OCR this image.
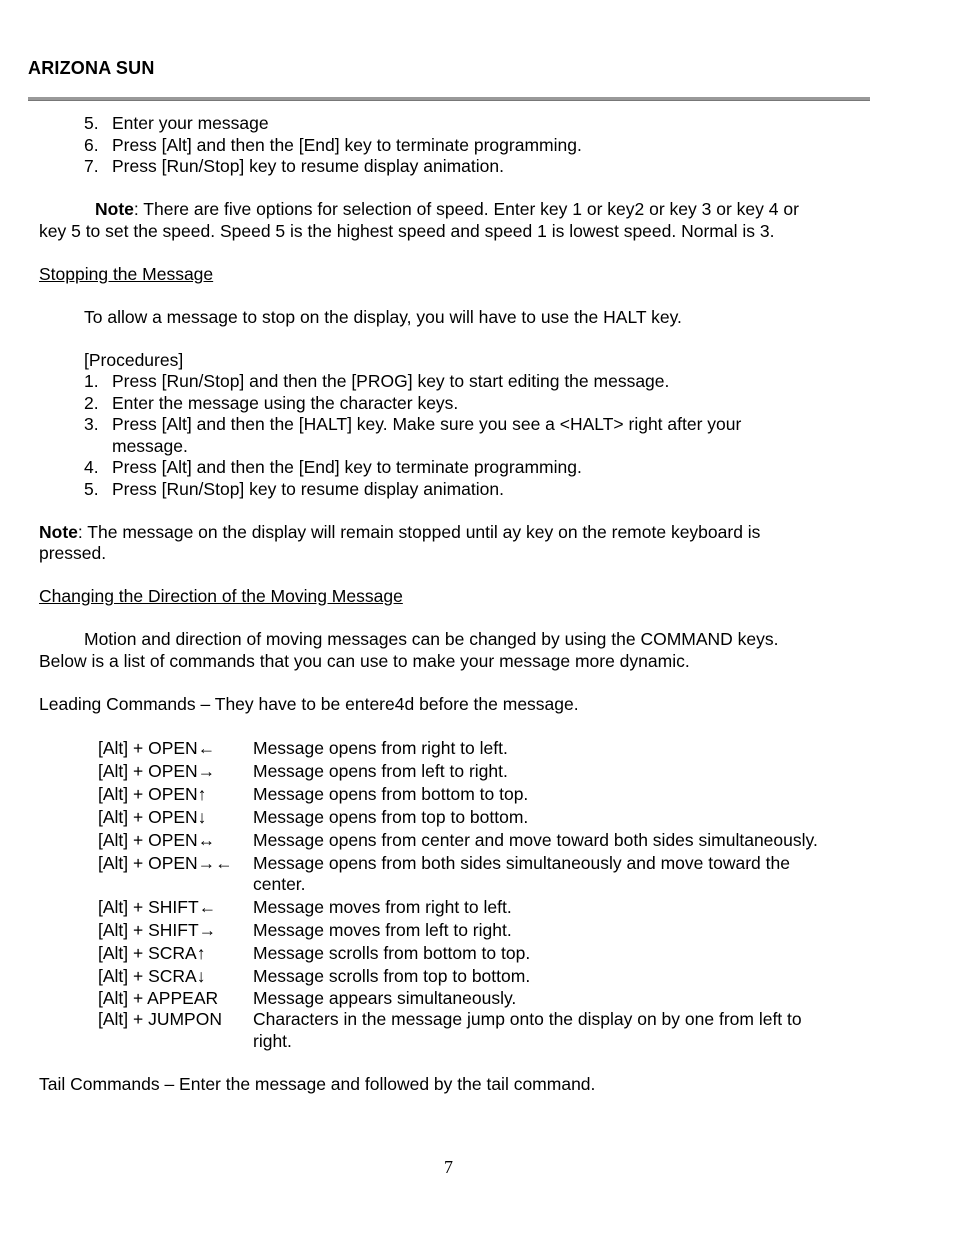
ARIZONA SUN
5. Enter your message
6. Press [Alt] and then the [End] key to terminate programming.
7. Press [Run/Stop] key to resume display animation.
Note: There are five options for selection of speed. Enter key 1 or key2 or key 3 or key 4 or
key 5 to set the speed. Speed 5 is the highest speed and speed 1 is lowest speed. Normal is 3.
Stopping the Message
To allow a message to stop on the display, you will have to use the HALT key.
[Procedures]
1. Press [Run/Stop] and then the [PROG] key to start editing the message.
2. Enter the message using the character keys.
3. Press [Alt] and then the [HALT] key. Make sure you see a <HALT> right after your
message.
4. Press [Alt] and then the [End] key to terminate programming.
5. Press [Run/Stop] key to resume display animation.
Note: The message on the display will remain stopped until ay key on the remote keyboard is
pressed.
Changing the Direction of the Moving Message
Motion and direction of moving messages can be changed by using the COMMAND keys.
Below is a list of commands that you can use to make your message more dynamic.
Leading Commands – They have to be entere4d before the message.
[Alt] + OPEN←	Message opens from right to left.
[Alt] + OPEN→	Message opens from left to right.
[Alt] + OPEN↑	Message opens from bottom to top.
[Alt] + OPEN↓	Message opens from top to bottom.
[Alt] + OPEN↔	Message opens from center and move toward both sides simultaneously.
[Alt] + OPEN→←	Message opens from both sides simultaneously and move toward the
center.
[Alt] + SHIFT←	Message moves from right to left.
[Alt] + SHIFT→	Message moves from left to right.
[Alt] + SCRA↑	Message scrolls from bottom to top.
[Alt] + SCRA↓	Message scrolls from top to bottom.
[Alt] + APPEAR	Message appears simultaneously.
[Alt] + JUMPON	Characters in the message jump onto the display on by one from left to
right.
Tail Commands – Enter the message and followed by the tail command.
7
